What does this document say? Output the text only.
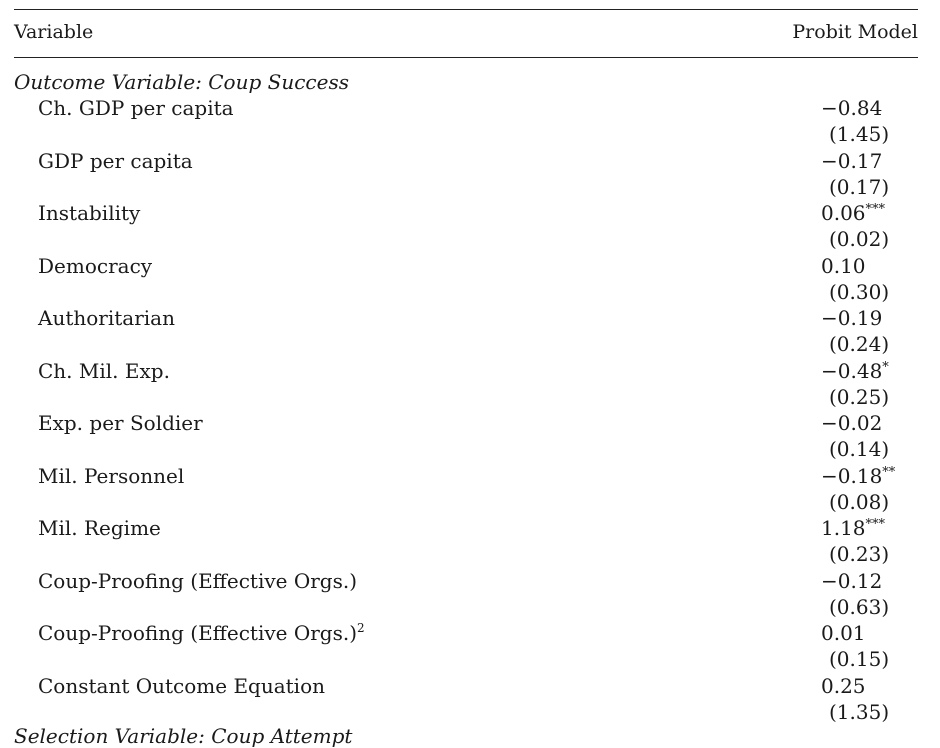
Variable	Probit Model
Outcome Variable: Coup Success
Ch. GDP per capita	−0.84
(1.45)
GDP per capita	−0.17
(0.17)
Instability	0.06***
(0.02)
Democracy	0.10
(0.30)
Authoritarian	−0.19
(0.24)
Ch. Mil. Exp.	−0.48*
(0.25)
Exp. per Soldier	−0.02
(0.14)
Mil. Personnel	−0.18**
(0.08)
Mil. Regime	1.18***
(0.23)
Coup-Proofing (Effective Orgs.)	−0.12
(0.63)
Coup-Proofing (Effective Orgs.)$^2$	0.01
(0.15)
Constant Outcome Equation	0.25
(1.35)
Selection Variable: Coup Attempt
